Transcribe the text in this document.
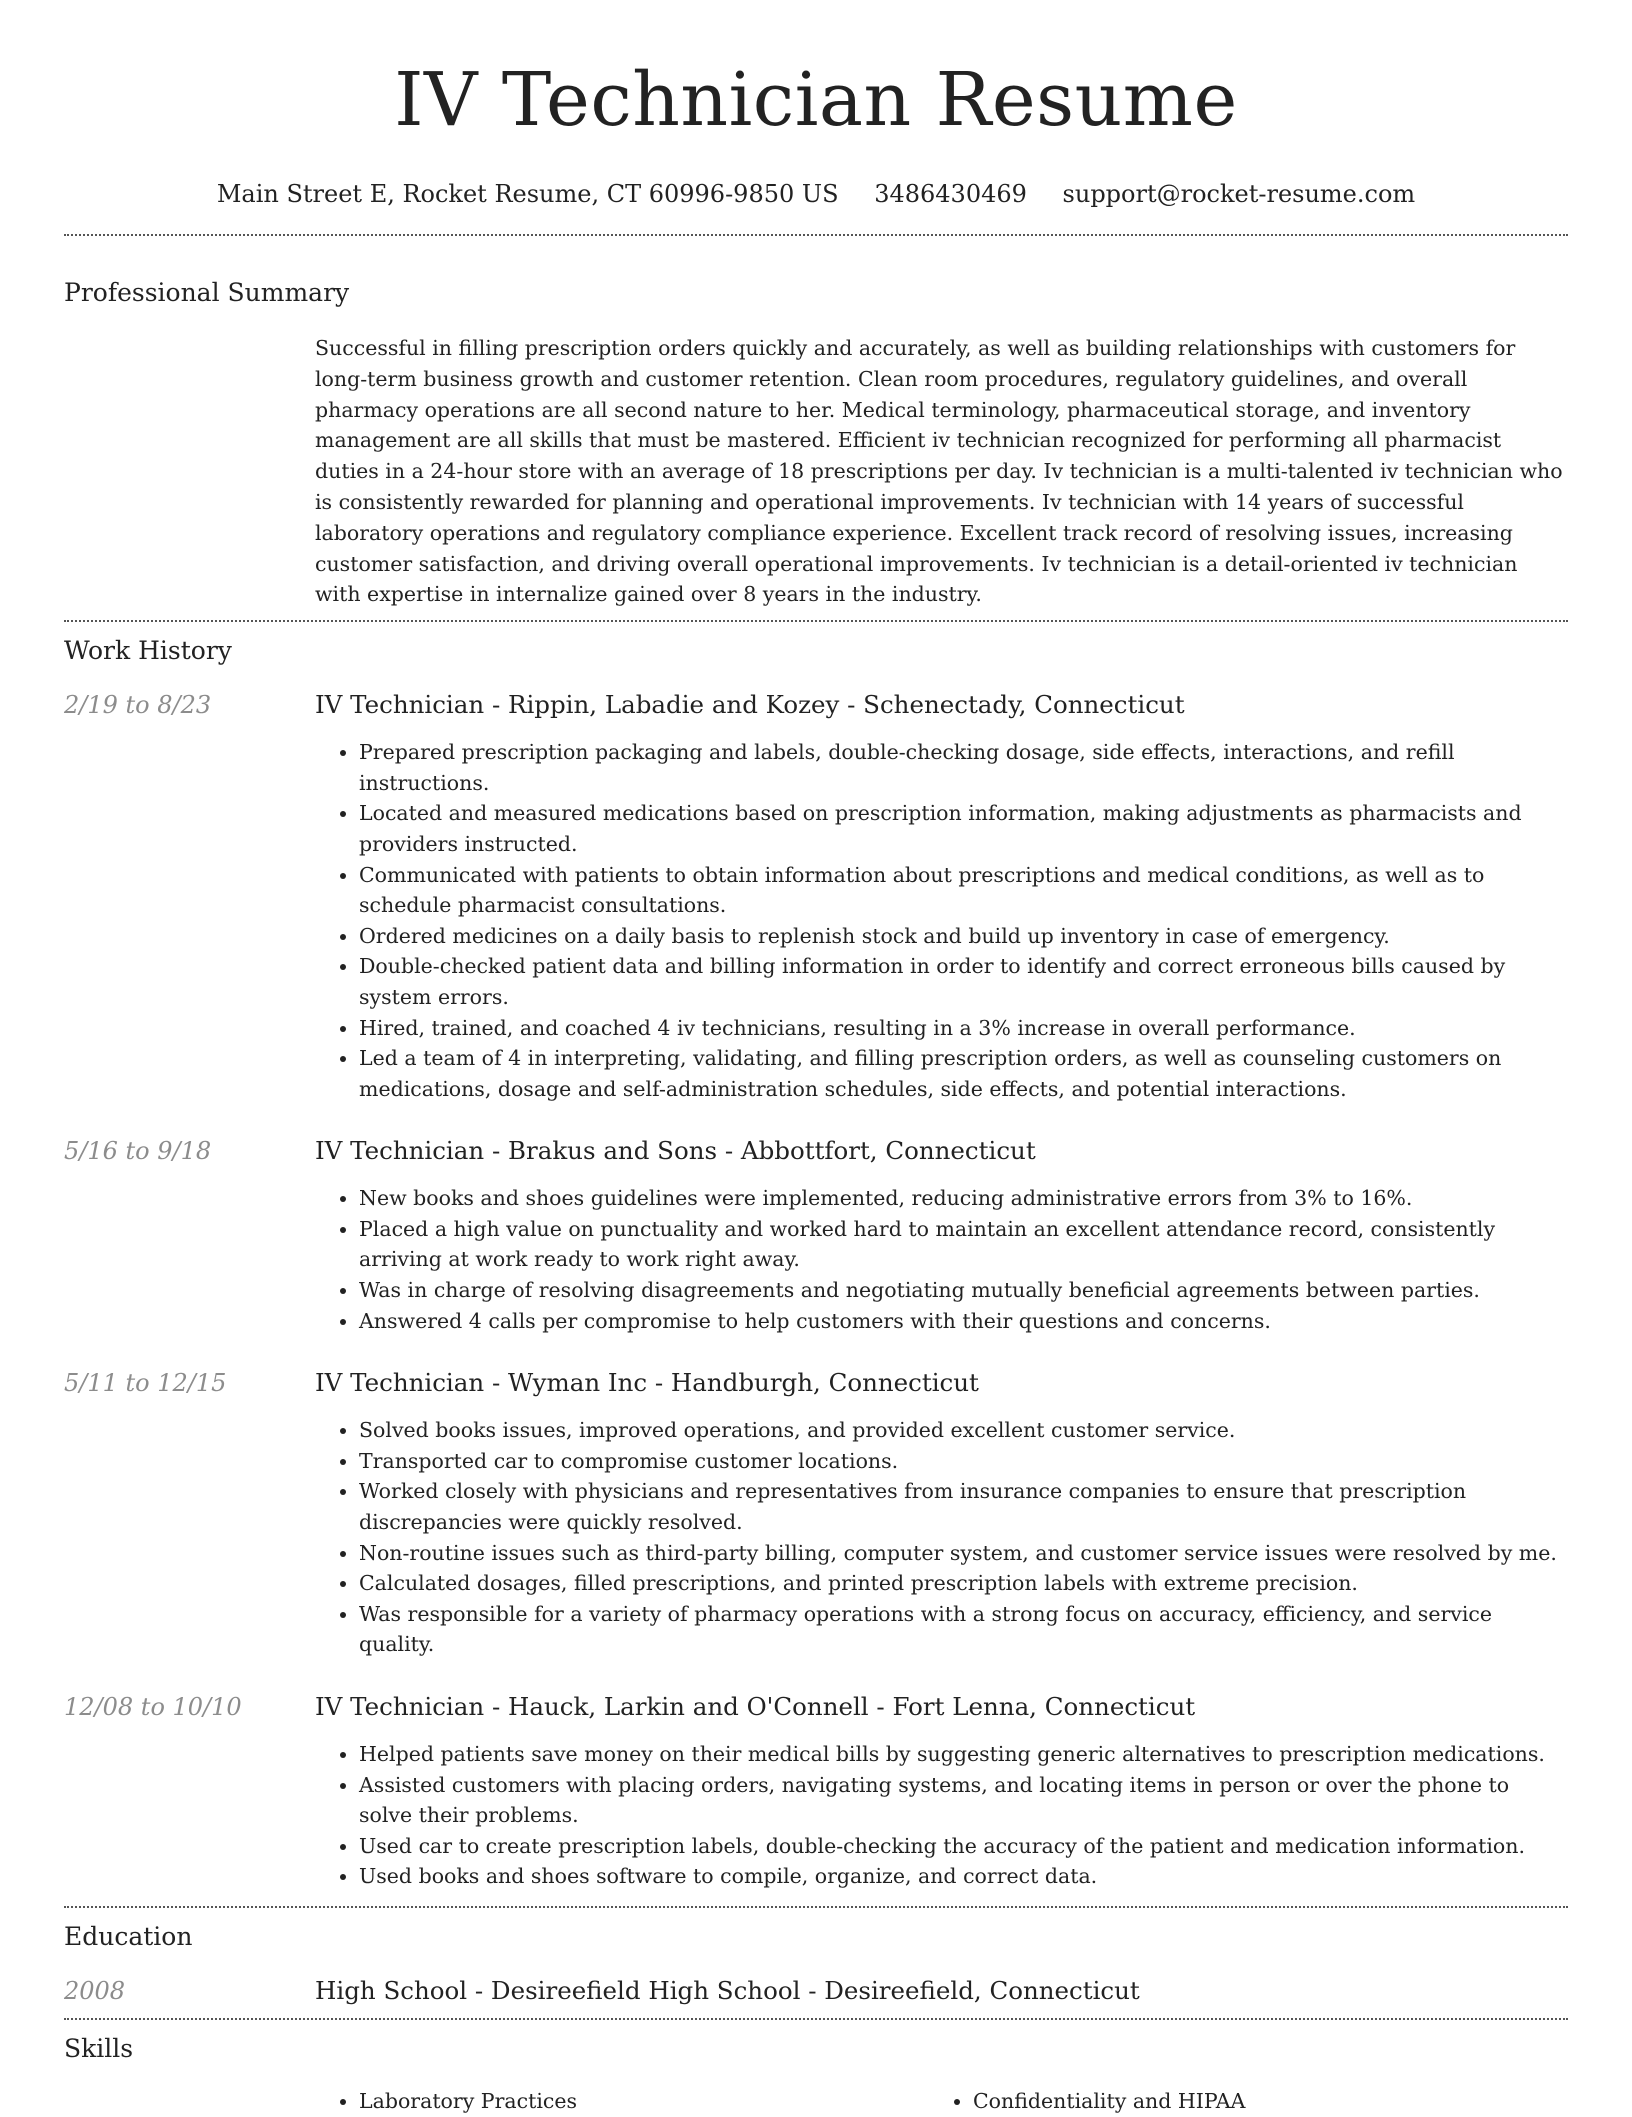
IV Technician Resume
Main Street E, Rocket Resume, CT 60996-9850 US 3486430469 support@rocket-resume.com
Professional Summary
Successful in filling prescription orders quickly and accurately, as well as building relationships with customers for long-term business growth and customer retention. Clean room procedures, regulatory guidelines, and overall pharmacy operations are all second nature to her. Medical terminology, pharmaceutical storage, and inventory management are all skills that must be mastered. Efficient iv technician recognized for performing all pharmacist duties in a 24-hour store with an average of 18 prescriptions per day. Iv technician is a multi-talented iv technician who is consistently rewarded for planning and operational improvements. Iv technician with 14 years of successful laboratory operations and regulatory compliance experience. Excellent track record of resolving issues, increasing customer satisfaction, and driving overall operational improvements. Iv technician is a detail-oriented iv technician with expertise in internalize gained over 8 years in the industry.
Work History
2/19 to 8/23	IV Technician - Rippin, Labadie and Kozey - Schenectady, Connecticut
• Prepared prescription packaging and labels, double-checking dosage, side effects, interactions, and refill instructions.
• Located and measured medications based on prescription information, making adjustments as pharmacists and providers instructed.
• Communicated with patients to obtain information about prescriptions and medical conditions, as well as to schedule pharmacist consultations.
• Ordered medicines on a daily basis to replenish stock and build up inventory in case of emergency.
• Double-checked patient data and billing information in order to identify and correct erroneous bills caused by system errors.
• Hired, trained, and coached 4 iv technicians, resulting in a 3% increase in overall performance.
• Led a team of 4 in interpreting, validating, and filling prescription orders, as well as counseling customers on medications, dosage and self-administration schedules, side effects, and potential interactions.
5/16 to 9/18	IV Technician - Brakus and Sons - Abbottfort, Connecticut
• New books and shoes guidelines were implemented, reducing administrative errors from 3% to 16%.
• Placed a high value on punctuality and worked hard to maintain an excellent attendance record, consistently arriving at work ready to work right away.
• Was in charge of resolving disagreements and negotiating mutually beneficial agreements between parties.
• Answered 4 calls per compromise to help customers with their questions and concerns.
5/11 to 12/15	IV Technician - Wyman Inc - Handburgh, Connecticut
• Solved books issues, improved operations, and provided excellent customer service.
• Transported car to compromise customer locations.
• Worked closely with physicians and representatives from insurance companies to ensure that prescription discrepancies were quickly resolved.
• Non-routine issues such as third-party billing, computer system, and customer service issues were resolved by me.
• Calculated dosages, filled prescriptions, and printed prescription labels with extreme precision.
• Was responsible for a variety of pharmacy operations with a strong focus on accuracy, efficiency, and service quality.
12/08 to 10/10	IV Technician - Hauck, Larkin and O'Connell - Fort Lenna, Connecticut
• Helped patients save money on their medical bills by suggesting generic alternatives to prescription medications.
• Assisted customers with placing orders, navigating systems, and locating items in person or over the phone to solve their problems.
• Used car to create prescription labels, double-checking the accuracy of the patient and medication information.
• Used books and shoes software to compile, organize, and correct data.
Education
2008	High School - Desireefield High School - Desireefield, Connecticut
Skills
• Laboratory Practices
•	Confidentiality and HIPAA
